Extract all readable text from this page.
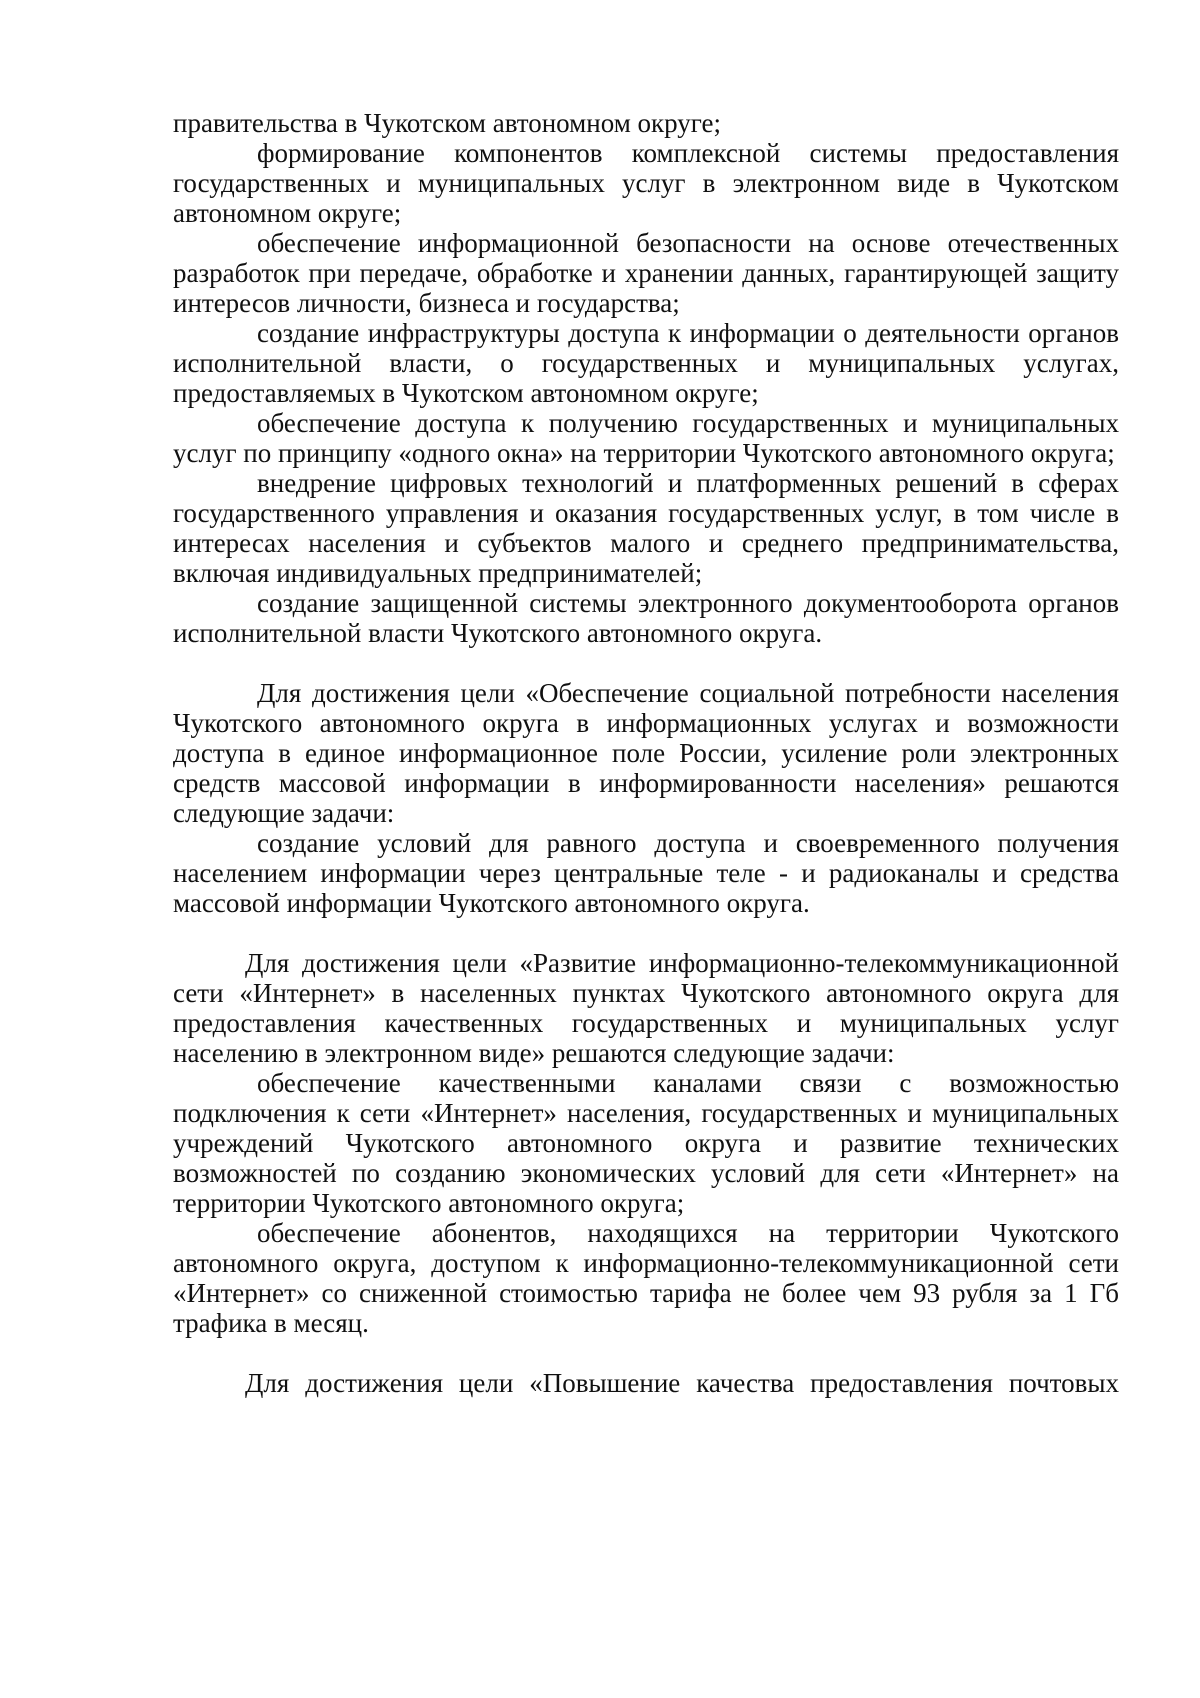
правительства в Чукотском автономном округе;

формирование компонентов комплексной системы предоставления государственных и муниципальных услуг в электронном виде в Чукотском автономном округе;

обеспечение информационной безопасности на основе отечественных разработок при передаче, обработке и хранении данных, гарантирующей защиту интересов личности, бизнеса и государства;

создание инфраструктуры доступа к информации о деятельности органов исполнительной власти, о государственных и муниципальных услугах, предоставляемых в Чукотском автономном округе;

обеспечение доступа к получению государственных и муниципальных услуг по принципу «одного окна» на территории Чукотского автономного округа;

внедрение цифровых технологий и платформенных решений в сферах государственного управления и оказания государственных услуг, в том числе в интересах населения и субъектов малого и среднего предпринимательства, включая индивидуальных предпринимателей;

создание защищенной системы электронного документооборота органов исполнительной власти Чукотского автономного округа.

Для достижения цели «Обеспечение социальной потребности населения Чукотского автономного округа в информационных услугах и возможности доступа в единое информационное поле России, усиление роли электронных средств массовой информации в информированности населения» решаются следующие задачи:

создание условий для равного доступа и своевременного получения населением информации через центральные теле - и радиоканалы и средства массовой информации Чукотского автономного округа.

Для достижения цели «Развитие информационно-телекоммуникационной сети «Интернет» в населенных пунктах Чукотского автономного округа для предоставления качественных государственных и муниципальных услуг населению в электронном виде» решаются следующие задачи:

обеспечение качественными каналами связи с возможностью подключения к сети «Интернет» населения, государственных и муниципальных учреждений Чукотского автономного округа и развитие технических возможностей по созданию экономических условий для сети «Интернет» на территории Чукотского автономного округа;

обеспечение абонентов, находящихся на территории Чукотского автономного округа, доступом к информационно-телекоммуникационной сети «Интернет» со сниженной стоимостью тарифа не более чем 93 рубля за 1 Гб трафика в месяц.

Для достижения цели «Повышение качества предоставления почтовых
